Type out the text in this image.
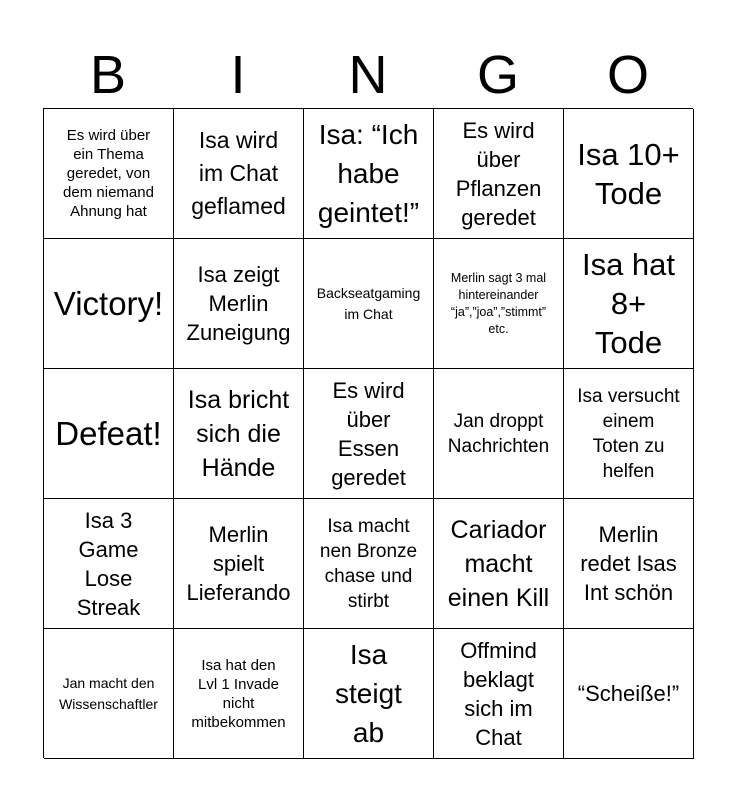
B	I	N	G	O
Es wird über
ein Thema
geredet, von
dem niemand
Ahnung hat
Isa wird
im Chat
geflamed
Isa: “Ich
habe
geintet!”
Es wird
über
Pflanzen
geredet
Isa 10+
Tode
Victory!
Isa zeigt
Merlin
Zuneigung
Backseatgaming
im Chat
Merlin sagt 3 mal
hintereinander
“ja”,”joa”,”stimmt”
etc.
Isa hat
8+
Tode
Defeat!
Isa bricht
sich die
Hände
Es wird
über
Essen
geredet
Jan droppt
Nachrichten
Isa versucht
einem
Toten zu
helfen
Isa 3
Game
Lose
Streak
Merlin
spielt
Lieferando
Isa macht
nen Bronze
chase und
stirbt
Cariador
macht
einen Kill
Merlin
redet Isas
Int schön
Jan macht den
Wissenschaftler
Isa hat den
Lvl 1 Invade
nicht
mitbekommen
Isa
steigt
ab
Offmind
beklagt
sich im
Chat
“Scheiße!”
